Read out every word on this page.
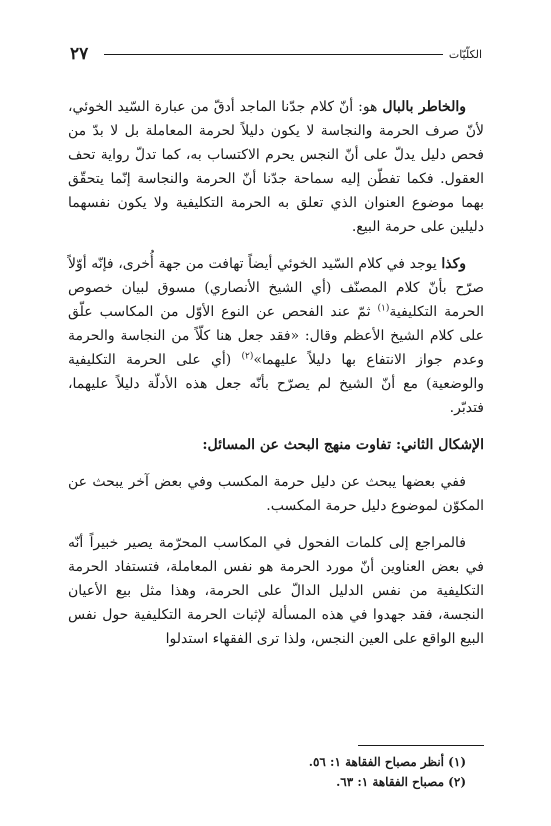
٢٧	الكلّيّات

والخاطر بالبال هو: أنّ كلام جدّنا الماجد أدقّ من عبارة السّيد الخوئي، لأنّ صرف الحرمة والنجاسة لا يكون دليلاً لحرمة المعاملة بل لا بدّ من فحص دليل يدلّ على أنّ النجس يحرم الاكتساب به، كما تدلّ رواية تحف العقول. فكما تفطّن إليه سماحة جدّنا أنّ الحرمة والنجاسة إنّما يتحقّق بهما موضوع العنوان الذي تعلق به الحرمة التكليفية ولا يكون نفسهما دليلين على حرمة البيع.

وكذا يوجد في كلام السّيد الخوئي أيضاً تهافت من جهة أُخرى، فإنّه أوّلاً صرّح بأنّ كلام المصنّف (أي الشيخ الأنصاري) مسوق لبيان خصوص الحرمة التكليفية$^{(١)}$ ثمّ عند الفحص عن النوع الأوّل من المكاسب علّق على كلام الشيخ الأعظم وقال: «فقد جعل هنا كلّاً من النجاسة والحرمة وعدم جواز الانتفاع بها دليلاً عليهما»$^{(٢)}$ (أي على الحرمة التكليفية والوضعية) مع أنّ الشيخ لم يصرّح بأنّه جعل هذه الأدلّة دليلاً عليهما، فتدبّر.

الإشكال الثاني: تفاوت منهج البحث عن المسائل:

ففي بعضها يبحث عن دليل حرمة المكسب وفي بعض آخر يبحث عن المكوّن لموضوع دليل حرمة المكسب.

فالمراجع إلى كلمات الفحول في المكاسب المحرّمة يصير خبيراً أنّه في بعض العناوين أنّ مورد الحرمة هو نفس المعاملة، فتستفاد الحرمة التكليفية من نفس الدليل الدالّ على الحرمة، وهذا مثل بيع الأعيان النجسة، فقد جهدوا في هذه المسألة لإثبات الحرمة التكليفية حول نفس البيع الواقع على العين النجس، ولذا ترى الفقهاء استدلوا

(١) أنظر مصباح الفقاهة ١: ٥٦.
(٢) مصباح الفقاهة ١: ٦٣.
